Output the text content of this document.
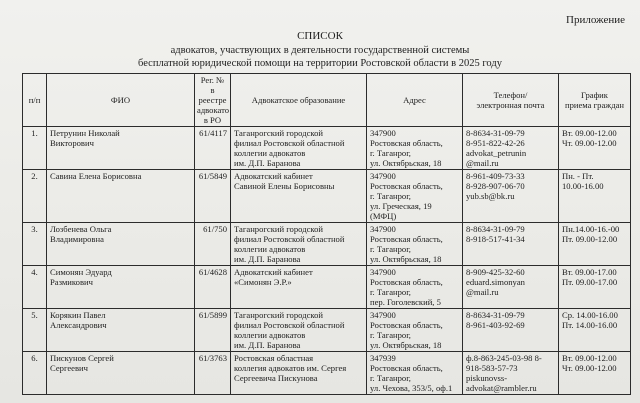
Приложение
СПИСОК
адвокатов, участвующих в деятельности государственной системы
бесплатной юридической помощи на территории Ростовской области в 2025 году
п/п	ФИО	Рег. №
в реестре
адвокато
в РО	Адвокатское образование	Адрес	Телефон/
электронная почта	График
приема граждан
1.	Петрунин Николай
Викторович	61/4117	Таганрогский городской
филиал Ростовской областной
коллегии адвокатов
им. Д.П. Баранова	347900
Ростовская область,
г. Таганрог,
ул. Октябрьская, 18	8-8634-31-09-79
8-951-822-42-26
advokat_petrunin
@mail.ru	Вт. 09.00-12.00
Чт. 09.00-12.00
2.	Савина Елена Борисовна	61/5849	Адвокатский кабинет
Савиной Елены Борисовны	347900
Ростовская область,
г. Таганрог,
ул. Греческая, 19
(МФЦ)	8-961-409-73-33
8-928-907-06-70
yub.sb@bk.ru	Пн. - Пт.
10.00-16.00
3.	Лозбенева Ольга
Владимировна	61/750	Таганрогский городской
филиал Ростовской областной
коллегии адвокатов
им. Д.П. Баранова	347900
Ростовская область,
г. Таганрог,
ул. Октябрьская, 18	8-8634-31-09-79
8-918-517-41-34	Пн.14.00-16.-00
Пт. 09.00-12.00
4.	Симонян Эдуард
Размикович	61/4628	Адвокатский кабинет
«Симонян Э.Р.»	347900
Ростовская область,
г. Таганрог,
пер. Гоголевский, 5	8-909-425-32-60
eduard.simonyan
@mail.ru	Вт. 09.00-17.00
Пт. 09.00-17.00
5.	Корякин Павел
Александрович	61/5899	Таганрогский городской
филиал Ростовской областной
коллегии адвокатов
им. Д.П. Баранова	347900
Ростовская область,
г. Таганрог,
ул. Октябрьская, 18	8-8634-31-09-79
8-961-403-92-69	Ср. 14.00-16.00
Пт. 14.00-16.00
6.	Пискунов Сергей
Сергеевич	61/3763	Ростовская областная
коллегия адвокатов им. Сергея
Сергеевича Пискунова	347939
Ростовская область,
г. Таганрог,
ул. Чехова, 353/5, оф.1	ф.8-863-245-03-98 8-
918-583-57-73
piskunovss-
advokat@rambler.ru	Вт. 09.00-12.00
Чт. 09.00-12.00
